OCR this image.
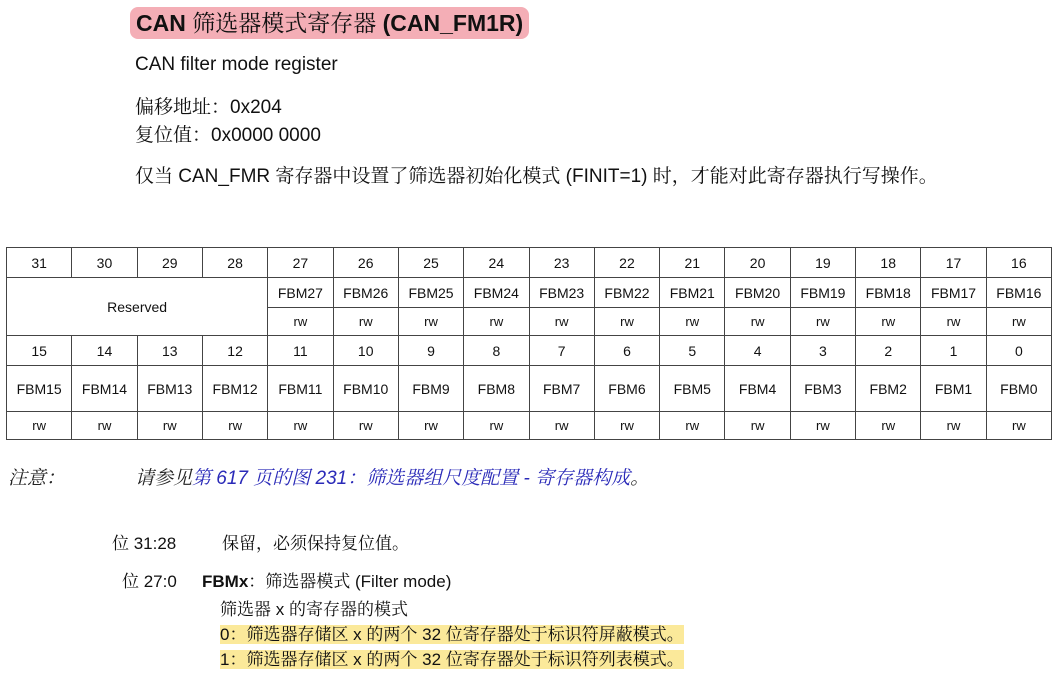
CAN 筛选器模式寄存器 (CAN_FM1R)
CAN filter mode register
偏移地址：0x204
复位值：0x0000 0000
仅当 CAN_FMR 寄存器中设置了筛选器初始化模式 (FINIT=1) 时，才能对此寄存器执行写操作。
31	30	29	28	27	26	25	24	23	22	21	20	19	18	17	16
Reserved				FBM27	FBM26	FBM25	FBM24	FBM23	FBM22	FBM21	FBM20	FBM19	FBM18	FBM17	FBM16
				rw	rw	rw	rw	rw	rw	rw	rw	rw	rw	rw	rw
15	14	13	12	11	10	9	8	7	6	5	4	3	2	1	0
FBM15	FBM14	FBM13	FBM12	FBM11	FBM10	FBM9	FBM8	FBM7	FBM6	FBM5	FBM4	FBM3	FBM2	FBM1	FBM0
rw	rw	rw	rw	rw	rw	rw	rw	rw	rw	rw	rw	rw	rw	rw	rw
注意：	请参见第 617 页的图 231：筛选器组尺度配置 - 寄存器构成。
位 31:28	保留，必须保持复位值。
位 27:0 FBMx：筛选器模式 (Filter mode)
筛选器 x 的寄存器的模式
0：筛选器存储区 x 的两个 32 位寄存器处于标识符屏蔽模式。
1：筛选器存储区 x 的两个 32 位寄存器处于标识符列表模式。
